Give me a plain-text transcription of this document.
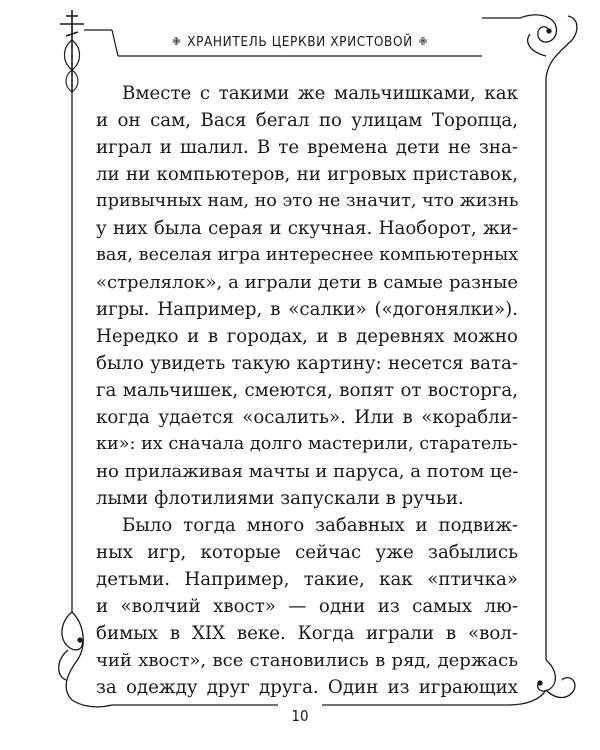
✙ ХРАНИТЕЛЬ ЦЕРКВИ ХРИСТОВОЙ ✙
Вместе с такими же мальчишками, как
и он сам, Вася бегал по улицам Торопца,
играл и шалил. В те времена дети не зна-
ли ни компьютеров, ни игровых приставок,
привычных нам, но это не значит, что жизнь
у них была серая и скучная. Наоборот, жи-
вая, веселая игра интереснее компьютерных
«стрелялок», а играли дети в самые разные
игры. Например, в «салки» («догонялки»).
Нередко и в городах, и в деревнях можно
было увидеть такую картину: несется вата-
га мальчишек, смеются, вопят от восторга,
когда удается «осалить». Или в «корабли-
ки»: их сначала долго мастерили, старатель-
но прилаживая мачты и паруса, а потом це-
лыми флотилиями запускали в ручьи.
Было тогда много забавных и подвиж-
ных игр, которые сейчас уже забылись
детьми. Например, такие, как «птичка»
и «волчий хвост» — одни из самых лю-
бимых в XIX веке. Когда играли в «вол-
чий хвост», все становились в ряд, держась
за одежду друг друга. Один из играющих
10
